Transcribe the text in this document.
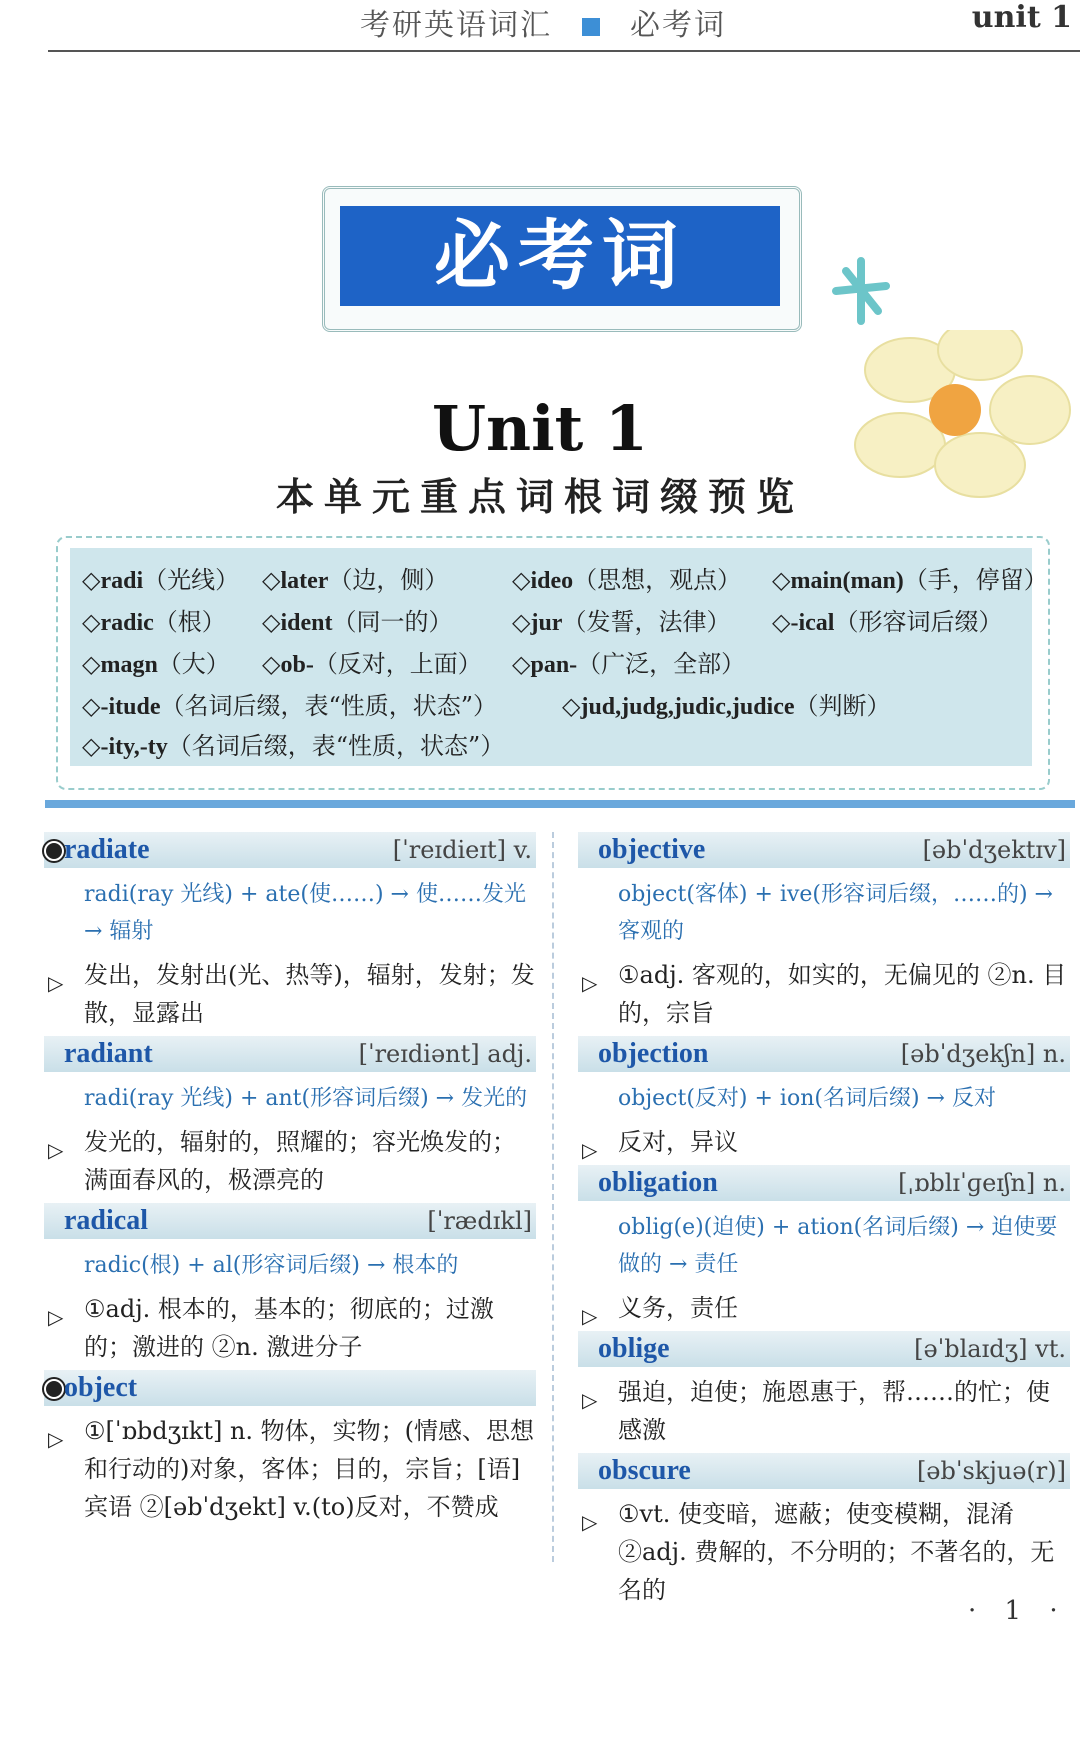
考研英语词汇	必考词	unit 1
必考词
Unit 1
本单元重点词根词缀预览
◇radi（光线） ◇later（边，侧）	◇ideo（思想，观点） ◇main(man)（手，停留）
◇radic（根） ◇ident（同一的） ◇jur（发誓，法律） ◇-ical（形容词后缀）
◇magn（大） ◇ob-（反对，上面） ◇pan-（广泛，全部）
◇-itude（名词后缀，表“性质，状态”）	◇jud,judg,judic,judice（判断）
◇-ity,-ty（名词后缀，表“性质，状态”）
radiate	[ˈreɪdieɪt] v.
radi(ray 光线) + ate(使……) → 使……发光 → 辐射
▷ 发出，发射出(光、热等)，辐射，发射；发散，显露出
radiant	[ˈreɪdiənt] adj.
radi(ray 光线) + ant(形容词后缀) → 发光的
▷ 发光的，辐射的，照耀的；容光焕发的；满面春风的，极漂亮的
radical	[ˈrædɪkl]
radic(根) + al(形容词后缀) → 根本的
▷ ①adj. 根本的，基本的；彻底的；过激的；激进的 ②n. 激进分子
object
▷ ①[ˈɒbdʒɪkt] n. 物体，实物；(情感、思想和行动的)对象，客体；目的，宗旨；[语]宾语 ②[əbˈdʒekt] v.(to)反对，不赞成
objective	[əbˈdʒektɪv]
object(客体) + ive(形容词后缀，……的) → 客观的
▷ ①adj. 客观的，如实的，无偏见的 ②n. 目的，宗旨
objection	[əbˈdʒekʃn] n.
object(反对) + ion(名词后缀) → 反对
▷ 反对，异议
obligation	[ˌɒblɪˈɡeɪʃn] n.
oblig(e)(迫使) + ation(名词后缀) → 迫使要做的 → 责任
▷ 义务，责任
oblige	[əˈblaɪdʒ] vt.
▷ 强迫，迫使；施恩惠于，帮……的忙；使感激
obscure	[əbˈskjuə(r)]
▷ ①vt. 使变暗，遮蔽；使变模糊，混淆 ②adj. 费解的，不分明的；不著名的，无名的
· 1 ·
